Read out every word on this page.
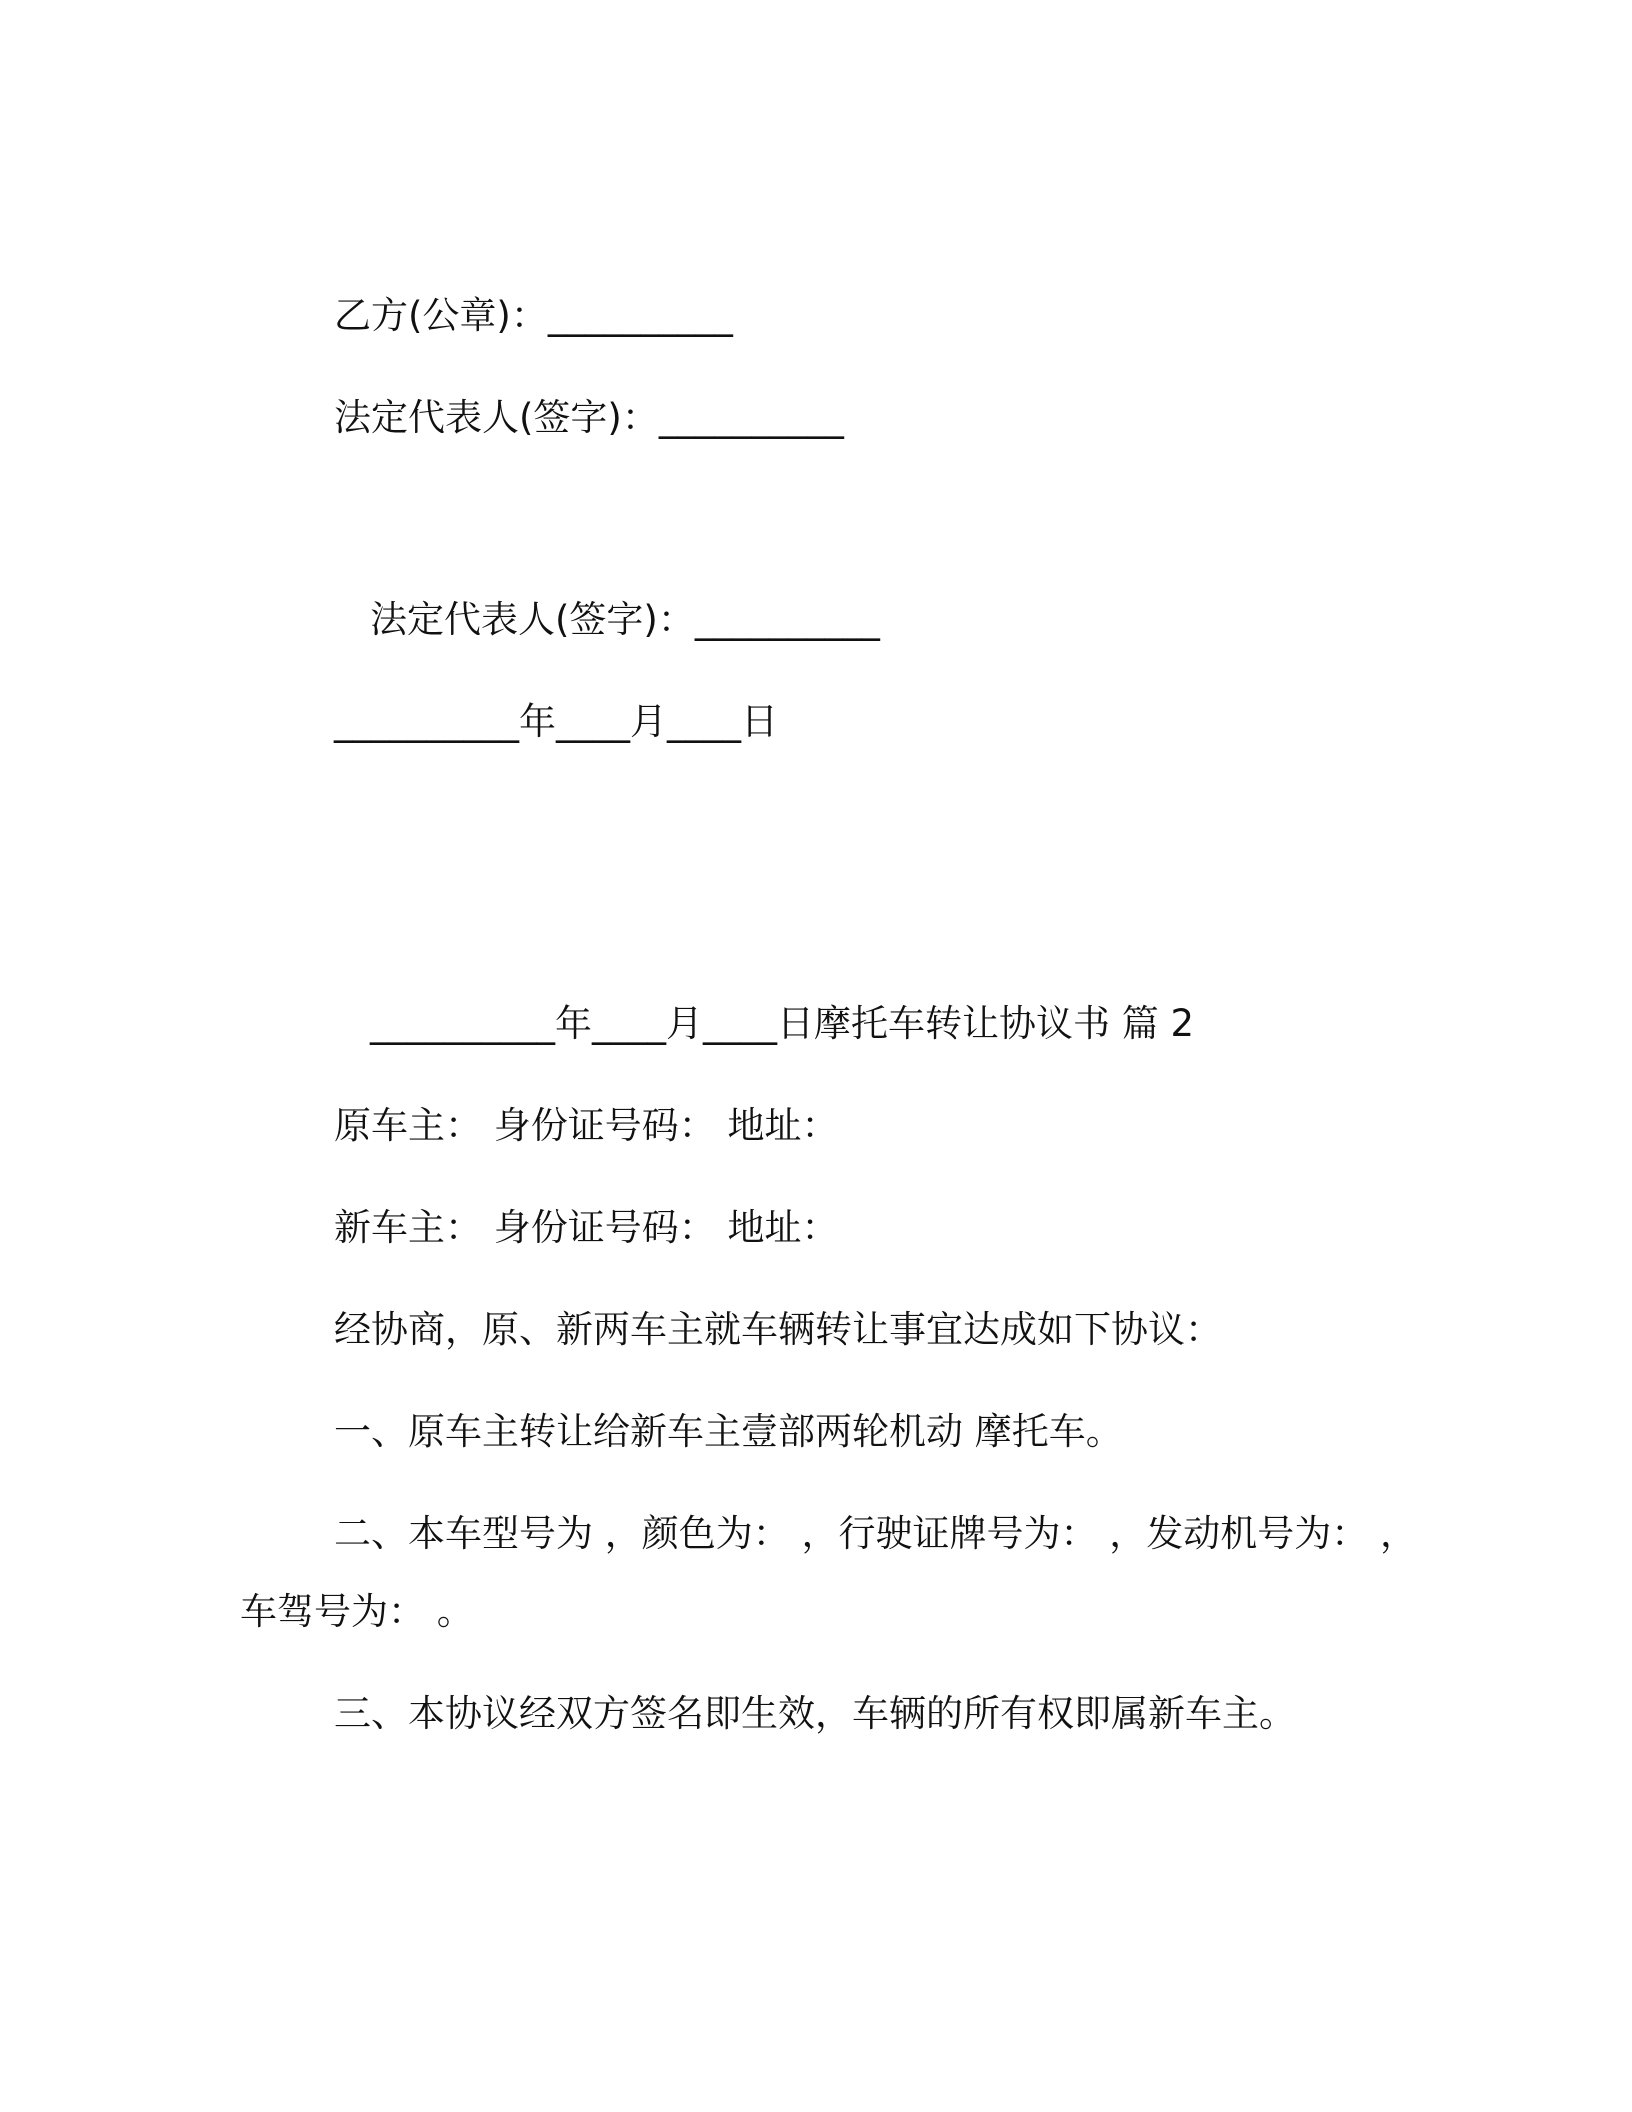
乙方(公章)：__________
法定代表人(签字)：__________
法定代表人(签字)：__________
__________年____月____日
__________年____月____日摩托车转让协议书 篇 2
原车主： 身份证号码： 地址：
新车主： 身份证号码： 地址：
经协商，原、新两车主就车辆转让事宜达成如下协议：
一、原车主转让给新车主壹部两轮机动 摩托车。
二、本车型号为 ，颜色为： ，行驶证牌号为： ，发动机号为： ，
车驾号为： 。
三、本协议经双方签名即生效，车辆的所有权即属新车主。
